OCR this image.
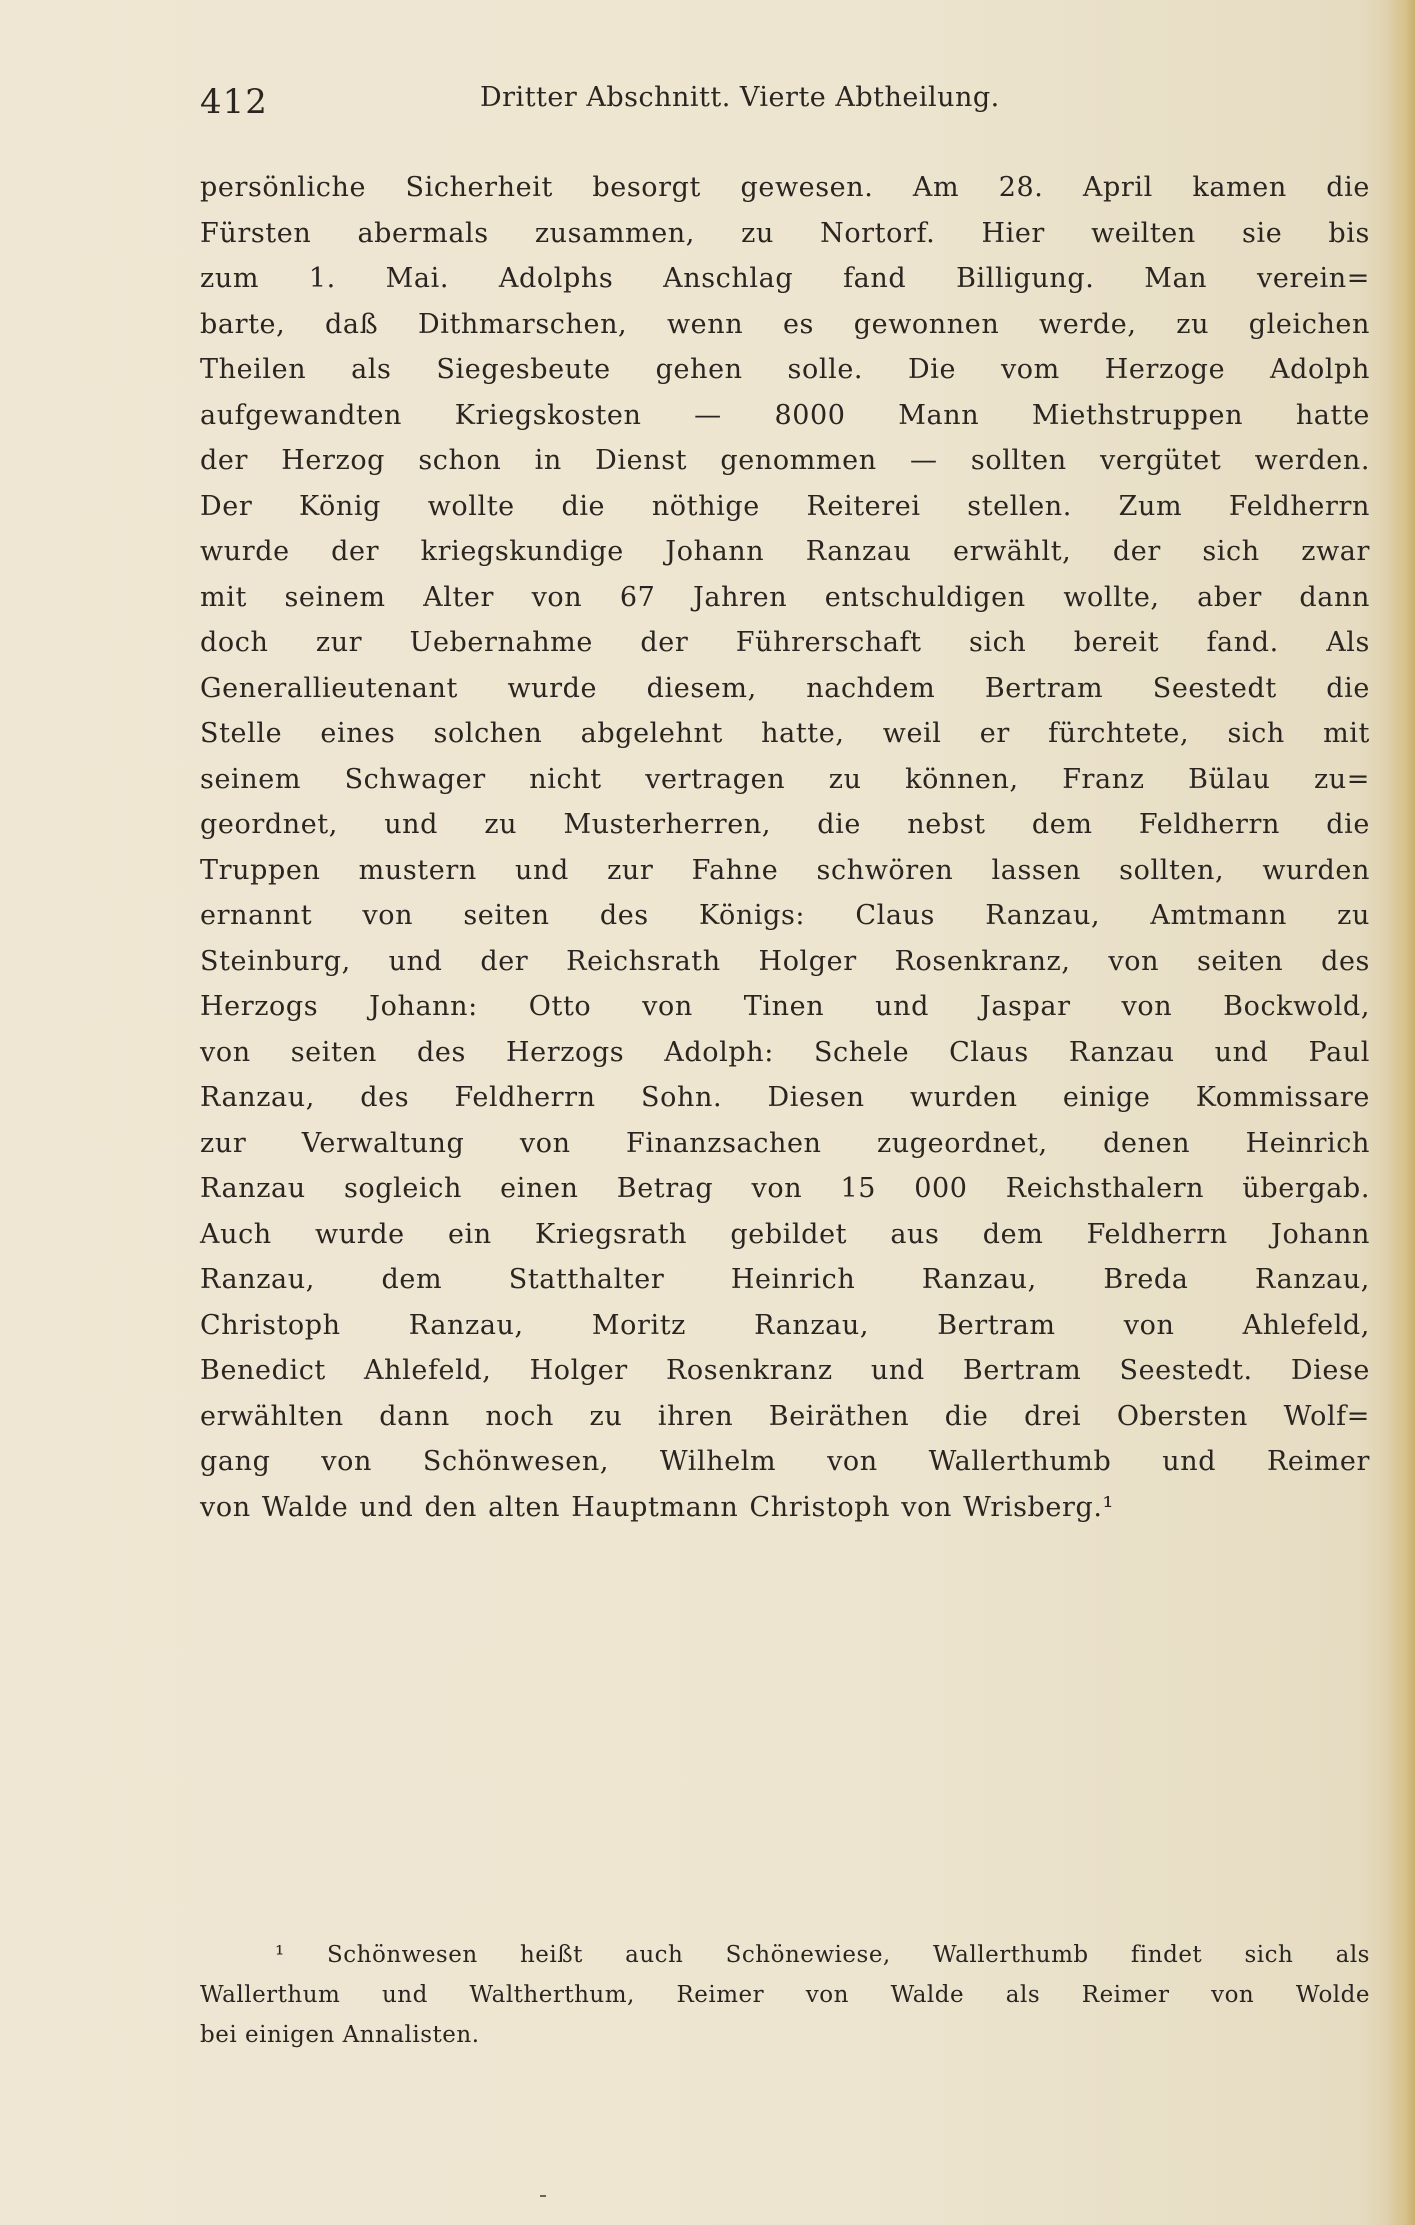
412	Dritter Abschnitt. Vierte Abtheilung.
persönliche Sicherheit besorgt gewesen. Am 28. April kamen die
Fürsten abermals zusammen, zu Nortorf. Hier weilten sie bis
zum 1. Mai. Adolphs Anschlag fand Billigung. Man verein=
barte, daß Dithmarschen, wenn es gewonnen werde, zu gleichen
Theilen als Siegesbeute gehen solle. Die vom Herzoge Adolph
aufgewandten Kriegskosten — 8000 Mann Miethstruppen hatte
der Herzog schon in Dienst genommen — sollten vergütet werden.
Der König wollte die nöthige Reiterei stellen. Zum Feldherrn
wurde der kriegskundige Johann Ranzau erwählt, der sich zwar
mit seinem Alter von 67 Jahren entschuldigen wollte, aber dann
doch zur Uebernahme der Führerschaft sich bereit fand. Als
Generallieutenant wurde diesem, nachdem Bertram Seestedt die
Stelle eines solchen abgelehnt hatte, weil er fürchtete, sich mit
seinem Schwager nicht vertragen zu können, Franz Bülau zu=
geordnet, und zu Musterherren, die nebst dem Feldherrn die
Truppen mustern und zur Fahne schwören lassen sollten, wurden
ernannt von seiten des Königs: Claus Ranzau, Amtmann zu
Steinburg, und der Reichsrath Holger Rosenkranz, von seiten des
Herzogs Johann: Otto von Tinen und Jaspar von Bockwold,
von seiten des Herzogs Adolph: Schele Claus Ranzau und Paul
Ranzau, des Feldherrn Sohn. Diesen wurden einige Kommissare
zur Verwaltung von Finanzsachen zugeordnet, denen Heinrich
Ranzau sogleich einen Betrag von 15 000 Reichsthalern übergab.
Auch wurde ein Kriegsrath gebildet aus dem Feldherrn Johann
Ranzau, dem Statthalter Heinrich Ranzau, Breda Ranzau,
Christoph Ranzau, Moritz Ranzau, Bertram von Ahlefeld,
Benedict Ahlefeld, Holger Rosenkranz und Bertram Seestedt. Diese
erwählten dann noch zu ihren Beiräthen die drei Obersten Wolf=
gang von Schönwesen, Wilhelm von Wallerthumb und Reimer
von Walde und den alten Hauptmann Christoph von Wrisberg.¹
¹ Schönwesen heißt auch Schönewiese, Wallerthumb findet sich als
Wallerthum und Waltherthum, Reimer von Walde als Reimer von Wolde
bei einigen Annalisten.
